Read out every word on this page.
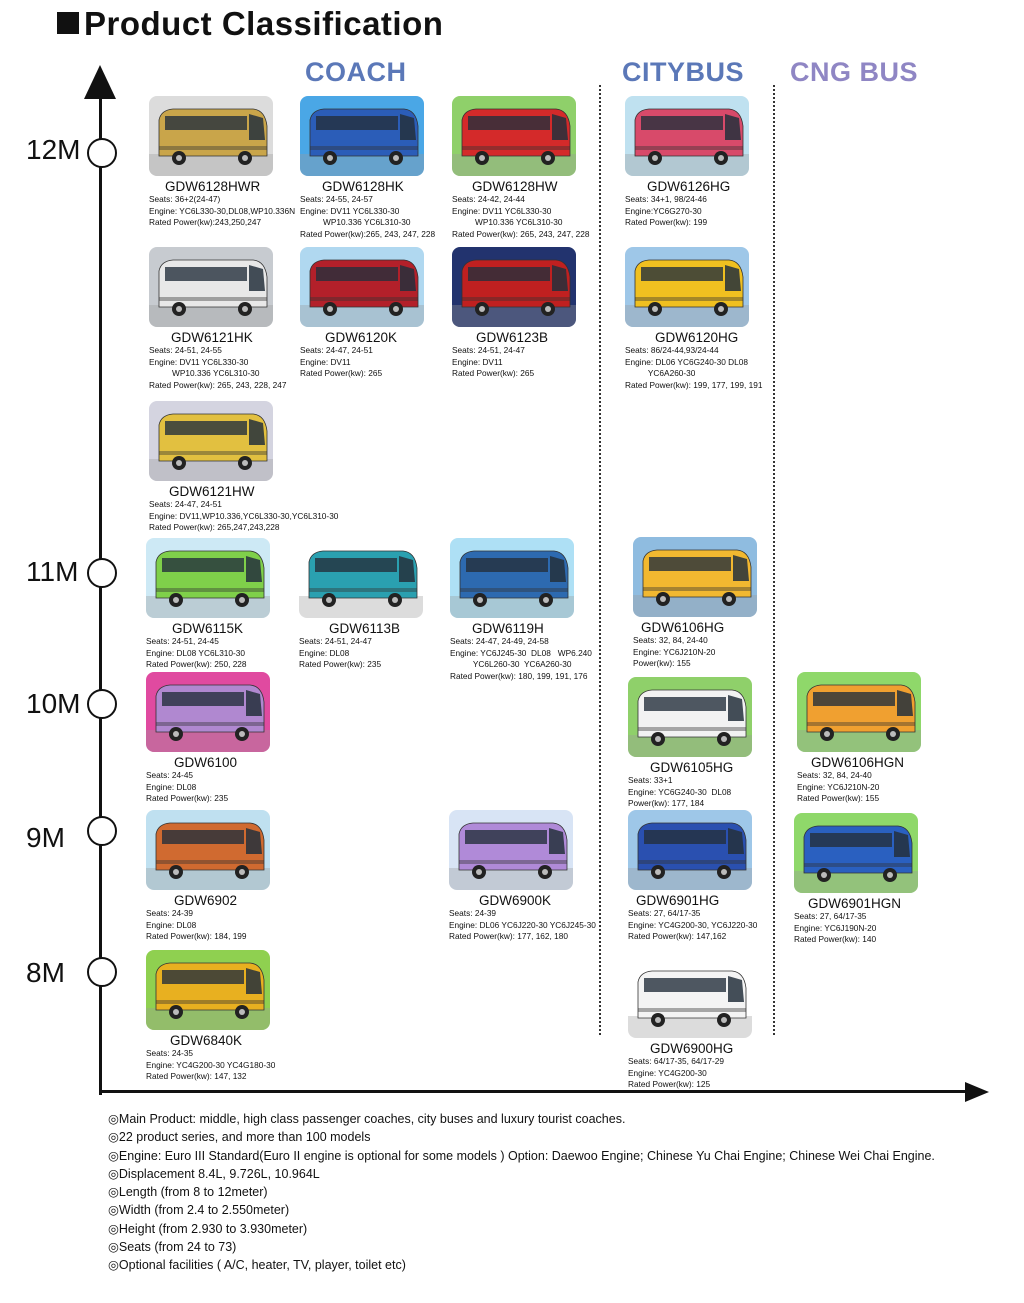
Product Classification
COACH	CITYBUS CNG BUS
12M
11M
10M
9M
8M
GDW6128HWR
Seats: 36+2(24-47)
Engine: YC6L330-30,DL08,WP10.336N
Rated Power(kw):243,250,247
GDW6128HK
Seats: 24-55, 24-57
Engine: DV11 YC6L330-30
WP10.336 YC6L310-30
Rated Power(kw):265, 243, 247, 228
GDW6128HW
Seats: 24-42, 24-44
Engine: DV11 YC6L330-30
WP10.336 YC6L310-30
Rated Power(kw): 265, 243, 247, 228
GDW6126HG
Seats: 34+1, 98/24-46
Engine:YC6G270-30
Rated Power(kw): 199
GDW6121HK
Seats: 24-51, 24-55
Engine: DV11 YC6L330-30
WP10.336 YC6L310-30
Rated Power(kw): 265, 243, 228, 247
GDW6120K
Seats: 24-47, 24-51
Engine: DV11
Rated Power(kw): 265
GDW6123B
Seats: 24-51, 24-47
Engine: DV11
Rated Power(kw): 265
GDW6120HG
Seats: 86/24-44,93/24-44
Engine: DL06 YC6G240-30 DL08
YC6A260-30
Rated Power(kw): 199, 177, 199, 191
GDW6121HW
Seats: 24-47, 24-51
Engine: DV11,WP10.336,YC6L330-30,YC6L310-30
Rated Power(kw): 265,247,243,228
GDW6115K
Seats: 24-51, 24-45
Engine: DL08 YC6L310-30
Rated Power(kw): 250, 228
GDW6113B
Seats: 24-51, 24-47
Engine: DL08
Rated Power(kw): 235
GDW6119H
Seats: 24-47, 24-49, 24-58
Engine: YC6J245-30  DL08   WP6.240
YC6L260-30  YC6A260-30
Rated Power(kw): 180, 199, 191, 176
GDW6106HG
Seats: 32, 84, 24-40
Engine: YC6J210N-20
Power(kw): 155
GDW6100
Seats: 24-45
Engine: DL08
Rated Power(kw): 235
GDW6105HG
Seats: 33+1
Engine: YC6G240-30  DL08
Power(kw): 177, 184
GDW6106HGN
Seats: 32, 84, 24-40
Engine: YC6J210N-20
Rated Power(kw): 155
GDW6902
Seats: 24-39
Engine: DL08
Rated Power(kw): 184, 199
GDW6900K
Seats: 24-39
Engine: DL06 YC6J220-30 YC6J245-30
Rated Power(kw): 177, 162, 180
GDW6901HG
Seats: 27, 64/17-35
Engine: YC4G200-30, YC6J220-30
Rated Power(kw): 147,162
GDW6901HGN
Seats: 27, 64/17-35
Engine: YC6J190N-20
Rated Power(kw): 140
GDW6840K
Seats: 24-35
Engine: YC4G200-30 YC4G180-30
Rated Power(kw): 147, 132
GDW6900HG
Seats: 64/17-35, 64/17-29
Engine: YC4G200-30
Rated Power(kw): 125
◎Main Product: middle, high class passenger coaches, city buses and luxury tourist coaches.
◎22 product series, and more than 100 models
◎Engine: Euro III Standard(Euro II engine is optional for some models ) Option: Daewoo Engine; Chinese Yu Chai Engine; Chinese Wei Chai Engine.
◎Displacement 8.4L, 9.726L, 10.964L
◎Length (from 8 to 12meter)
◎Width (from 2.4 to 2.550meter)
◎Height (from 2.930 to 3.930meter)
◎Seats (from 24 to 73)
◎Optional facilities ( A/C, heater, TV, player, toilet etc)
